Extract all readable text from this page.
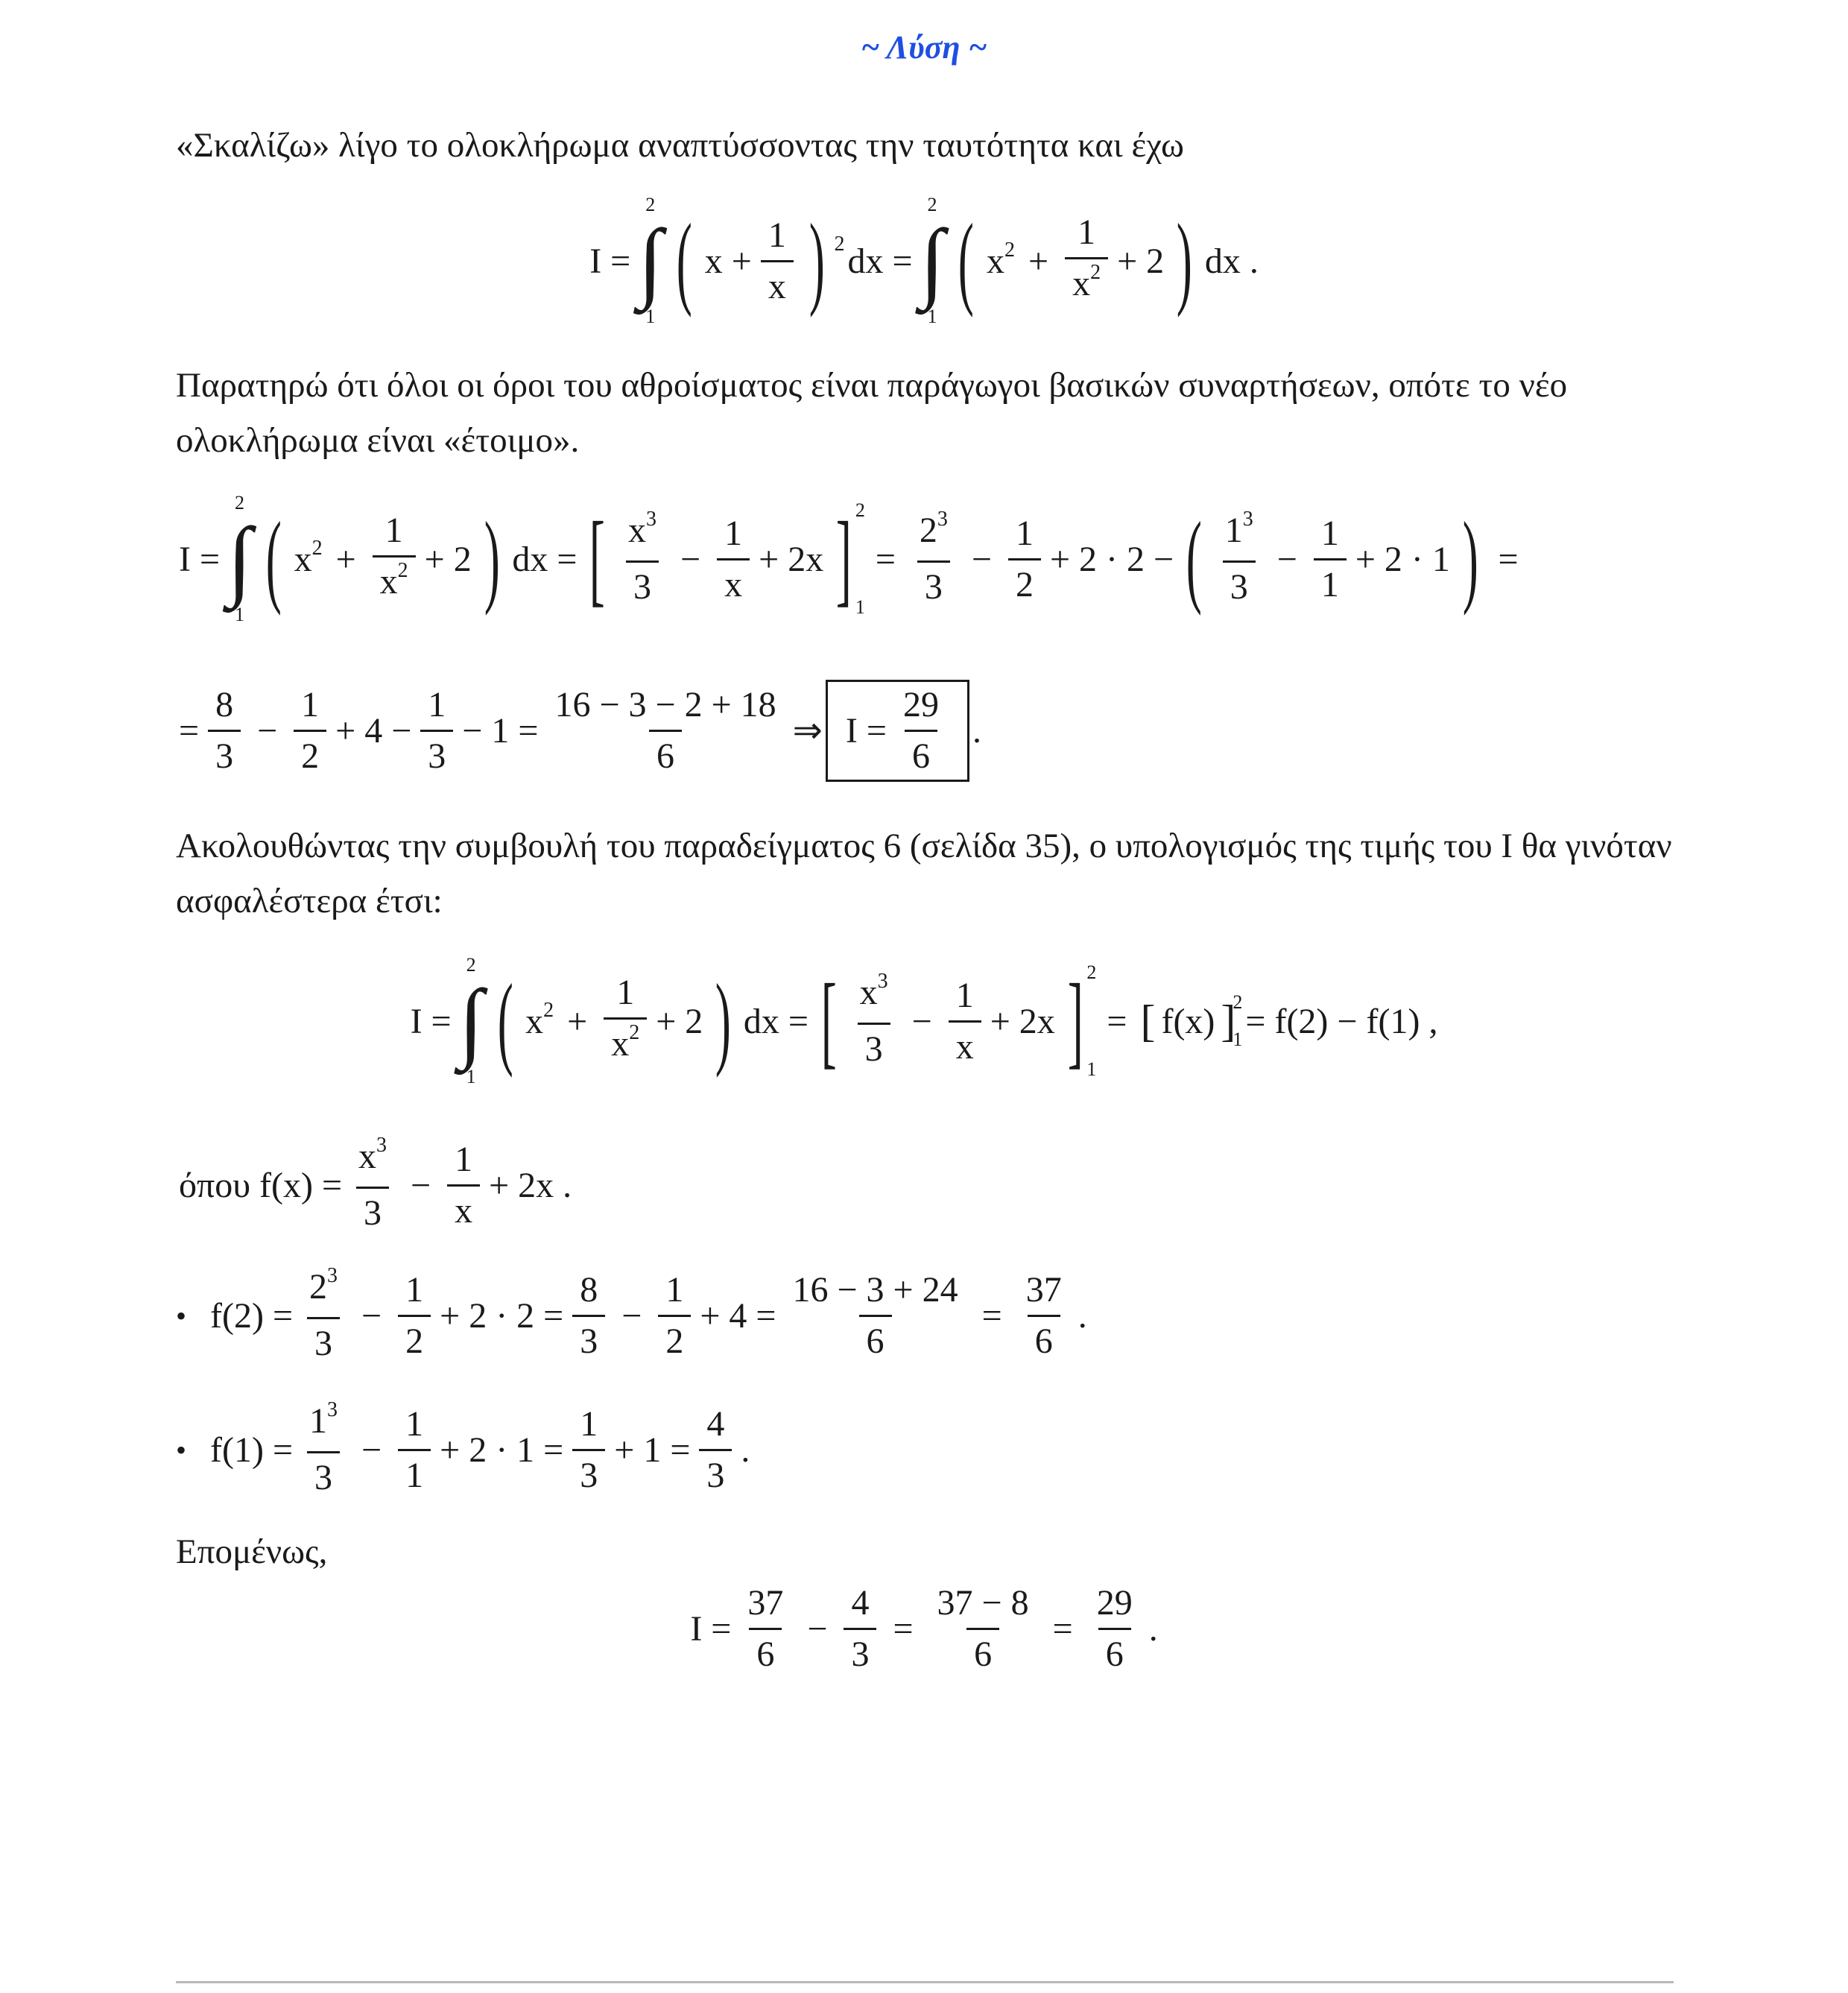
~ Λύση ~
«Σκαλίζω» λίγο το ολοκλήρωμα αναπτύσσοντας την ταυτότητα και έχω
I =
2
∫
1 ( $x + \frac{1}{x}$ ) 2 dx =
2
∫
1 ( $x^2 + \frac{1}{x^2} + 2$ ) dx .
Παρατηρώ ότι όλοι οι όροι του αθροίσματος είναι παράγωγοι βασικών συναρτήσεων, οπότε το νέο ολοκλήρωμα είναι «έτοιμο».
I =
2
∫
1 ( $x^2 + \frac{1}{x^2} + 2$ ) dx = [ $\frac{x^3}{3} - \frac{1}{x} + 2x$ ] 2
1
= $\frac{2^3}{3} - \frac{1}{2} + 2 \cdot 2$ − ( $\frac{1^3}{3} - \frac{1}{1} + 2 \cdot 1$ ) =
= $\frac{8}{3} - \frac{1}{2} + 4 - \frac{1}{3} - 1 = \frac{16 - 3 - 2 + 18}{6}$ ⇒ $I = \frac{29}{6}$ .
Ακολουθώντας την συμβουλή του παραδείγματος 6 (σελίδα 35), ο υπολογισμός της τιμής του I θα γινόταν ασφαλέστερα έτσι:
I =
2
∫
1 ( $x^2 + \frac{1}{x^2} + 2$ ) dx = [ $\frac{x^3}{3} - \frac{1}{x} + 2x$ ] 2
1
= [ f(x) ]
2
1 = f(2) − f(1) ,
όπου $f(x) = \frac{x^3}{3} - \frac{1}{x} + 2x$ .
• $f(2) = \frac{2^3}{3} - \frac{1}{2} + 2 \cdot 2 = \frac{8}{3} - \frac{1}{2} + 4 = \frac{16 - 3 + 24}{6} = \frac{37}{6}$ .
• $f(1) = \frac{1^3}{3} - \frac{1}{1} + 2 \cdot 1 = \frac{1}{3} + 1 = \frac{4}{3}$ .
Επομένως,
$I = \frac{37}{6} - \frac{4}{3} = \frac{37 - 8}{6} = \frac{29}{6}$ .
